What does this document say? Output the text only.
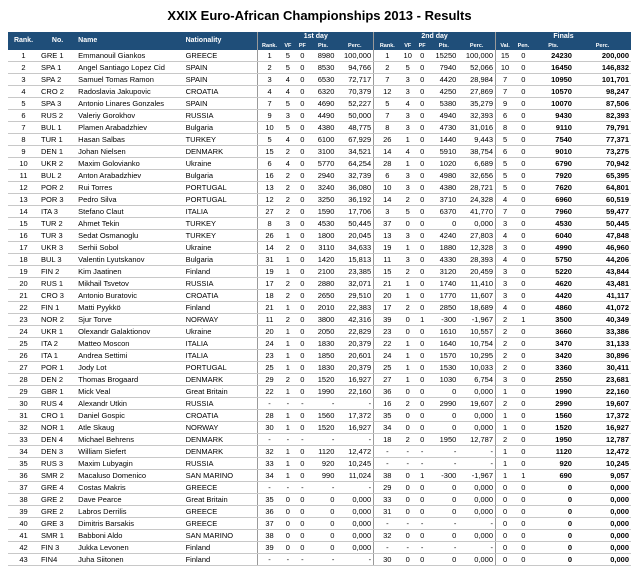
XXIX Euro-African Championships 2013 - Results
Rank.	No.	Name	Nationality	1st day					2nd day					Finals			
				Rank.	VF	PF	Pts.	Perc.	Rank.	VF	PF	Pts.	Perc.	Val.	Pen.	Pts.	Perc.
1	GRE 1	Emmanouil Giankos	GREECE	1	5	0	8980	100,000	1	10	0	15250	100,000	15	0	24230	200,000
2	SPA 1	Angel Santiago Lopez Cid	SPAIN	2	5	0	8530	94,766	2	5	0	7940	52,066	10	0	16450	146,832
3	SPA 2	Samuel Tomas Ramon	SPAIN	3	4	0	6530	72,717	7	3	0	4420	28,984	7	0	10950	101,701
4	CRO 2	Radoslavia Jakupovic	CROATIA	4	4	0	6320	70,379	12	3	0	4250	27,869	7	0	10570	98,247
5	SPA 3	Antonio Linares Gonzales	SPAIN	7	5	0	4690	52,227	5	4	0	5380	35,279	9	0	10070	87,506
6	RUS 2	Valeriy Gorokhov	RUSSIA	9	3	0	4490	50,000	7	3	0	4940	32,393	6	0	9430	82,393
7	BUL 1	Plamen Arabadzhiev	Bulgaria	10	5	0	4380	48,775	8	3	0	4730	31,016	8	0	9110	79,791
8	TUR 1	Hasan Salbas	TURKEY	5	4	0	6100	67,929	26	1	0	1440	9,443	5	0	7540	77,371
9	DEN 1	Johan Nielsen	DENMARK	15	2	0	3100	34,521	14	4	0	5910	38,754	6	0	9010	73,275
10	UKR 2	Maxim Golovianko	Ukraine	6	4	0	5770	64,254	28	1	0	1020	6,689	5	0	6790	70,942
11	BUL 2	Anton Arabadzhiev	Bulgaria	16	2	0	2940	32,739	6	3	0	4980	32,656	5	0	7920	65,395
12	POR 2	Rui Torres	PORTUGAL	13	2	0	3240	36,080	10	3	0	4380	28,721	5	0	7620	64,801
13	POR 3	Pedro Silva	PORTUGAL	12	2	0	3250	36,192	14	2	0	3710	24,328	4	0	6960	60,519
14	ITA 3	Stefano Claut	ITALIA	27	2	0	1590	17,706	3	5	0	6370	41,770	7	0	7960	59,477
15	TUR 2	Ahmet Tekin	TURKEY	8	3	0	4530	50,445	37	0	0	0	0,000	3	0	4530	50,445
16	TUR 3	Sedat Osmanoglu	TURKEY	26	1	0	1800	20,045	13	3	0	4240	27,803	4	0	6040	47,848
17	UKR 3	Serhii Sobol	Ukraine	14	2	0	3110	34,633	19	1	0	1880	12,328	3	0	4990	46,960
18	BUL 3	Valentin Lyutskanov	Bulgaria	31	1	0	1420	15,813	11	3	0	4330	28,393	4	0	5750	44,206
19	FIN 2	Kim Jaatinen	Finland	19	1	0	2100	23,385	15	2	0	3120	20,459	3	0	5220	43,844
20	RUS 1	Mikhail Tsvetov	RUSSIA	17	2	0	2880	32,071	21	1	0	1740	11,410	3	0	4620	43,481
21	CRO 3	Antonio Buratovic	CROATIA	18	2	0	2650	29,510	20	1	0	1770	11,607	3	0	4420	41,117
22	FIN 1	Matti Pyykkö	Finland	21	1	0	2010	22,383	17	2	0	2850	18,689	4	0	4860	41,072
23	NOR 2	Sjur Torve	NORWAY	11	2	0	3800	42,316	39	0	1	-300	-1,967	2	1	3500	40,349
24	UKR 1	Olexandr Galaktionov	Ukraine	20	1	0	2050	22,829	23	0	0	1610	10,557	2	0	3660	33,386
25	ITA 2	Matteo Moscon	ITALIA	24	1	0	1830	20,379	22	1	0	1640	10,754	2	0	3470	31,133
26	ITA 1	Andrea Settimi	ITALIA	23	1	0	1850	20,601	24	1	0	1570	10,295	2	0	3420	30,896
27	POR 1	Jody Lot	PORTUGAL	25	1	0	1830	20,379	25	1	0	1530	10,033	2	0	3360	30,411
28	DEN 2	Thomas Brogaard	DENMARK	29	2	0	1520	16,927	27	1	0	1030	6,754	3	0	2550	23,681
29	GBR 1	Mick Veal	Great Britain	22	1	0	1990	22,160	36	0	0	0	0,000	1	0	1990	22,160
30	RUS 4	Alexandr Utkin	RUSSIA	-	-	-	-	-	16	2	0	2990	19,607	2	0	2990	19,607
31	CRO 1	Daniel Gospic	CROATIA	28	1	0	1560	17,372	35	0	0	0	0,000	1	0	1560	17,372
32	NOR 1	Atle Skaug	NORWAY	30	1	0	1520	16,927	34	0	0	0	0,000	1	0	1520	16,927
33	DEN 4	Michael Behrens	DENMARK	-	-	-	-	-	18	2	0	1950	12,787	2	0	1950	12,787
34	DEN 3	William Siefert	DENMARK	32	1	0	1120	12,472	-	-	-	-	-	1	0	1120	12,472
35	RUS 3	Maxim Lubyagin	RUSSIA	33	1	0	920	10,245	-	-	-	-	-	1	0	920	10,245
36	SMR 2	Macaluso Domenico	SAN MARINO	34	1	0	990	11,024	38	0	1	-300	-1,967	1	1	690	9,057
37	GRE 4	Costas Makris	GREECE	-	-	-	-	-	29	0	0	0	0,000	0	0	0	0,000
38	GRE 2	Dave Pearce	Great Britain	35	0	0	0	0,000	33	0	0	0	0,000	0	0	0	0,000
39	GRE 2	Labros Derrilis	GREECE	36	0	0	0	0,000	31	0	0	0	0,000	0	0	0	0,000
40	GRE 3	Dimitris Barsakis	GREECE	37	0	0	0	0,000	-	-	-	-	-	0	0	0	0,000
41	SMR 1	Babboni Aldo	SAN MARINO	38	0	0	0	0,000	32	0	0	0	0,000	0	0	0	0,000
42	FIN 3	Jukka Levonen	Finland	39	0	0	0	0,000	-	-	-	-	-	0	0	0	0,000
43	FIN4	Juha Siitonen	Finland	-	-	-	-	-	30	0	0	0	0,000	0	0	0	0,000
